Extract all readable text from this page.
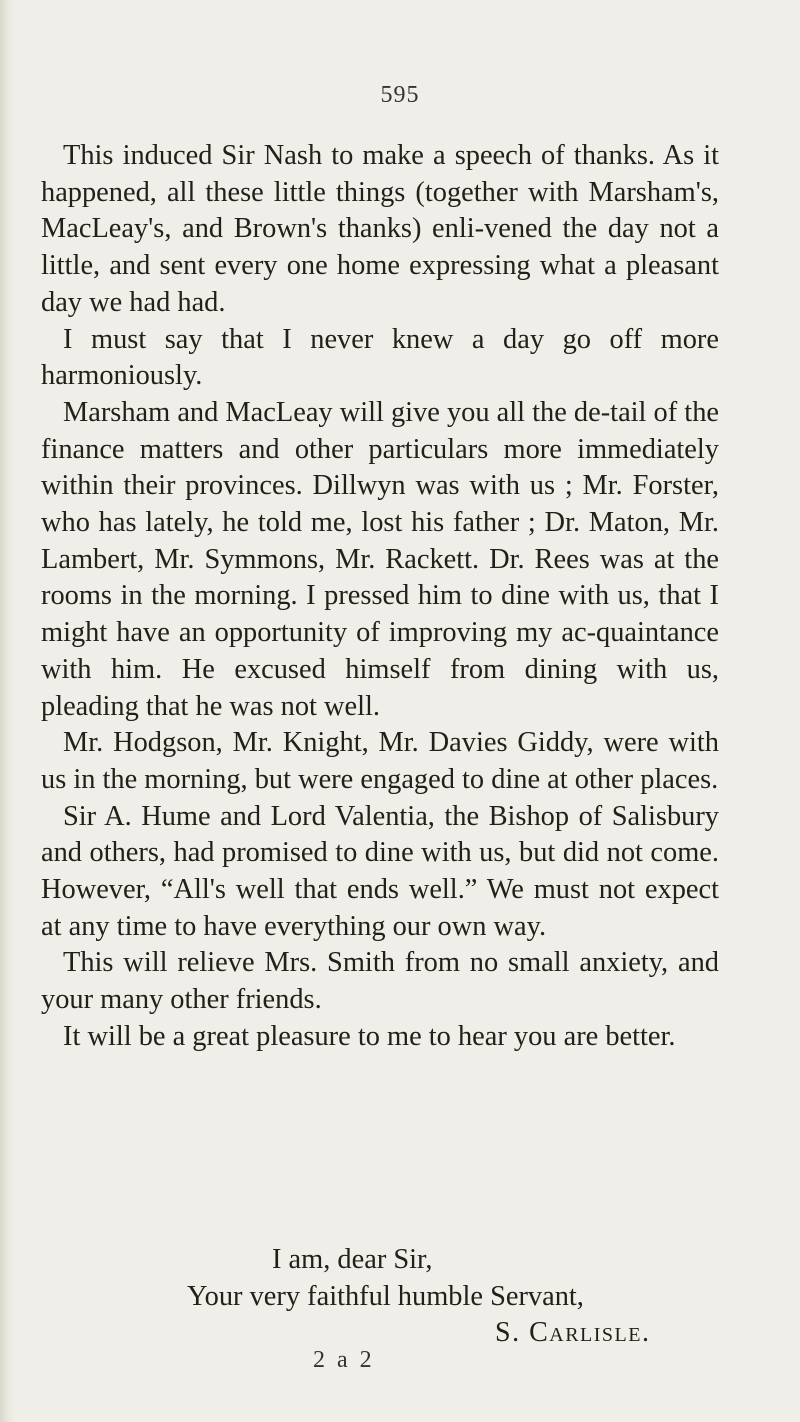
595

This induced Sir Nash to make a speech of thanks. As it happened, all these little things (together with Marsham's, MacLeay's, and Brown's thanks) enli-vened the day not a little, and sent every one home expressing what a pleasant day we had had.

I must say that I never knew a day go off more harmoniously.

Marsham and MacLeay will give you all the de-tail of the finance matters and other particulars more immediately within their provinces. Dillwyn was with us ; Mr. Forster, who has lately, he told me, lost his father ; Dr. Maton, Mr. Lambert, Mr. Symmons, Mr. Rackett. Dr. Rees was at the rooms in the morning. I pressed him to dine with us, that I might have an opportunity of improving my ac-quaintance with him. He excused himself from dining with us, pleading that he was not well.

Mr. Hodgson, Mr. Knight, Mr. Davies Giddy, were with us in the morning, but were engaged to dine at other places.

Sir A. Hume and Lord Valentia, the Bishop of Salisbury and others, had promised to dine with us, but did not come. However, “All's well that ends well.” We must not expect at any time to have everything our own way.

This will relieve Mrs. Smith from no small anxiety, and your many other friends.

It will be a great pleasure to me to hear you are better.

I am, dear Sir,
Your very faithful humble Servant,
S. Carlisle.
2 a 2
